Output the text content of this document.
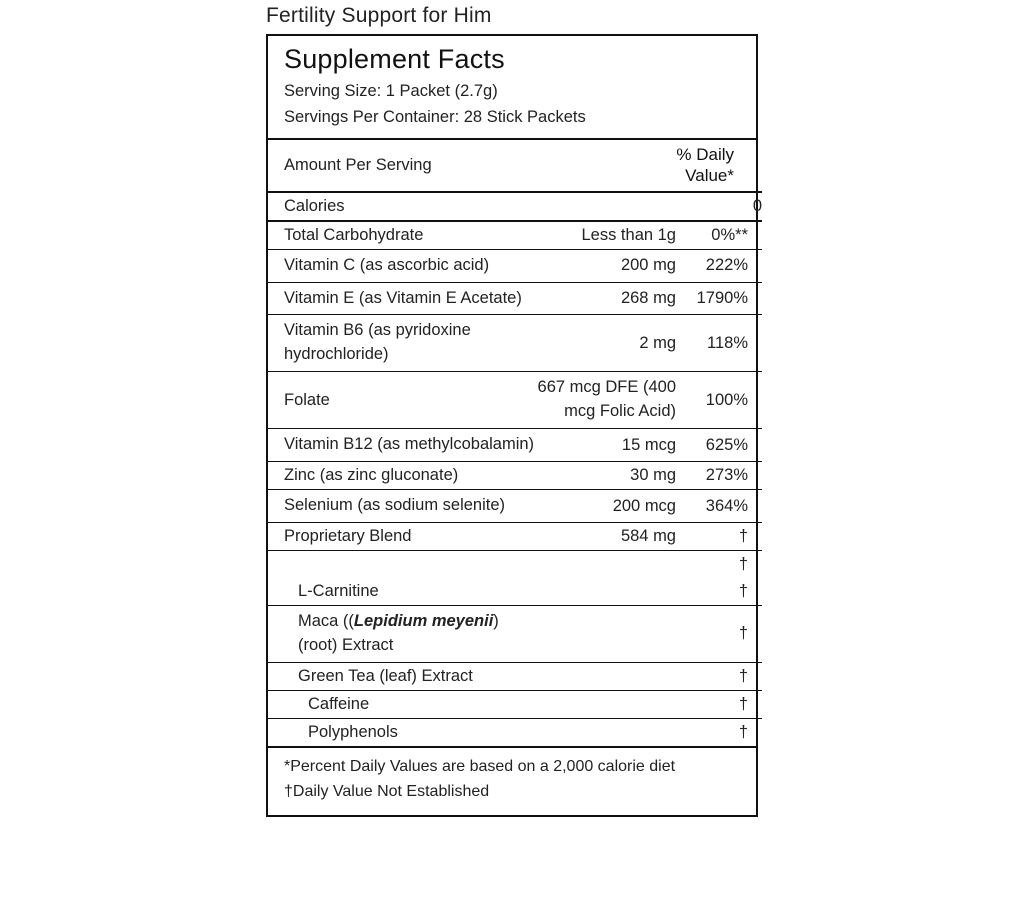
Fertility Support for Him
Supplement Facts
Serving Size: 1 Packet (2.7g)
Servings Per Container: 28 Stick Packets
Amount Per Serving		% Daily
Value*

Calories	0	
Total Carbohydrate	Less than 1g	0%**
Vitamin C (as ascorbic acid)	200 mg	222%
Vitamin E (as Vitamin E Acetate)	268 mg	1790%
Vitamin B6 (as pyridoxine hydrochloride)	2 mg	118%
Folate	667 mcg DFE (400 mcg Folic Acid)	100%
Vitamin B12 (as methylcobalamin)	15 mcg	625%
Zinc (as zinc gluconate)	30 mg	273%
Selenium (as sodium selenite)	200 mcg	364%
Proprietary Blend	584 mg	†
		†
L-Carnitine		†
Maca ((Lepidium meyenii) (root) Extract		†
Green Tea (leaf) Extract		†
Caffeine		†
Polyphenols		†
*Percent Daily Values are based on a 2,000 calorie diet
†Daily Value Not Established
